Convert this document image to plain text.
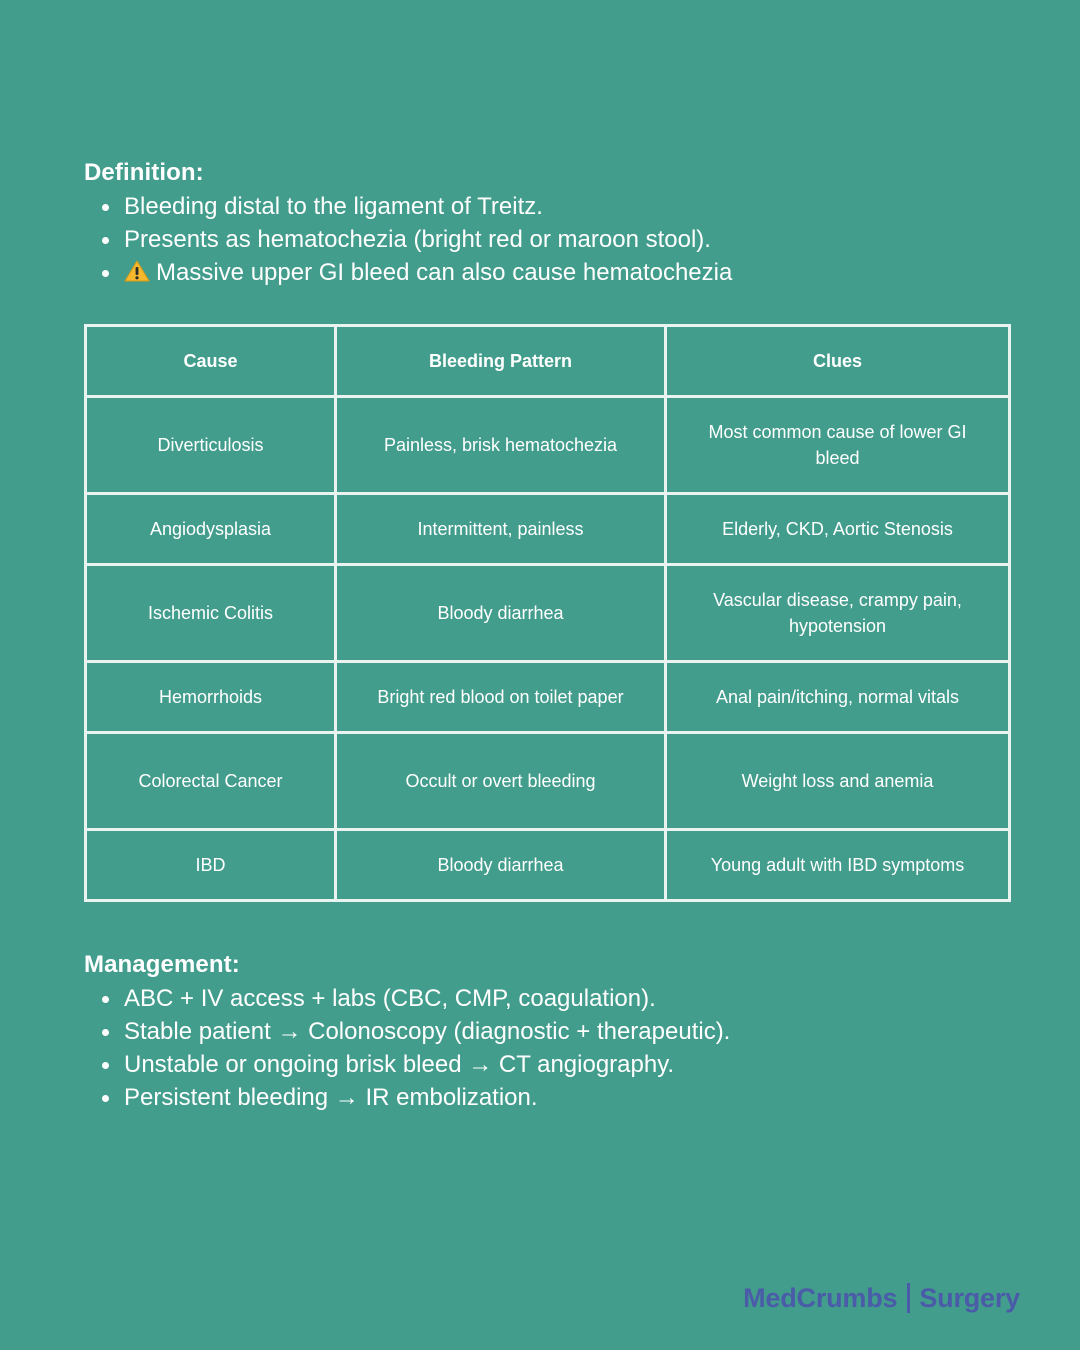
Definition:
Bleeding distal to the ligament of Treitz.
Presents as hematochezia (bright red or maroon stool).
Massive upper GI bleed can also cause hematochezia
Cause	Bleeding Pattern	Clues
Diverticulosis	Painless, brisk hematochezia	Most common cause of lower GI bleed
Angiodysplasia	Intermittent, painless	Elderly, CKD, Aortic Stenosis
Ischemic Colitis	Bloody diarrhea	Vascular disease, crampy pain, hypotension
Hemorrhoids	Bright red blood on toilet paper	Anal pain/itching, normal vitals
Colorectal Cancer	Occult or overt bleeding	Weight loss and anemia
IBD	Bloody diarrhea	Young adult with IBD symptoms
Management:
ABC + IV access + labs (CBC, CMP, coagulation).
Stable patient → Colonoscopy (diagnostic + therapeutic).
Unstable or ongoing brisk bleed → CT angiography.
Persistent bleeding → IR embolization.
MedCrumbs Surgery
